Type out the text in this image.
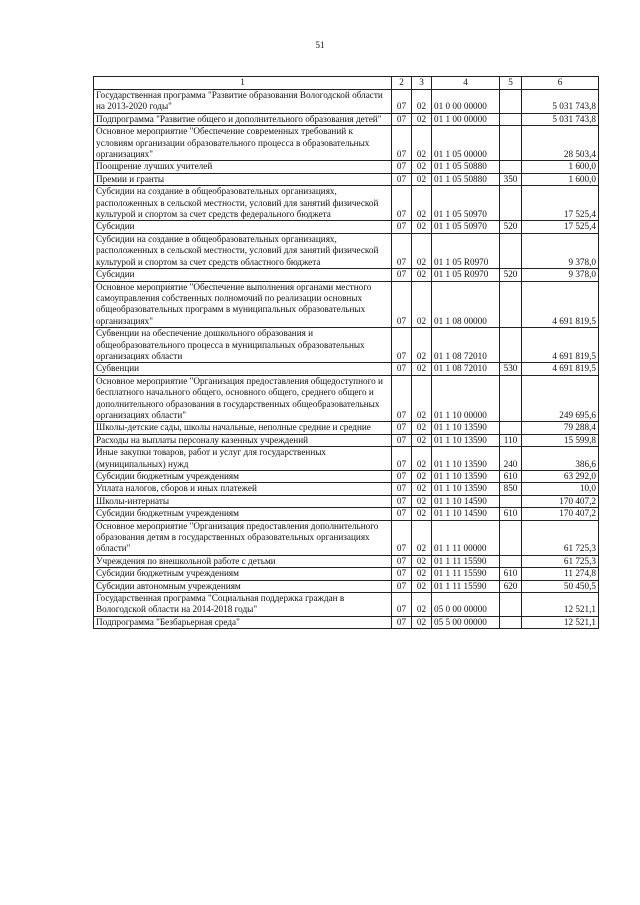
51
1	2	3	4	5	6
Государственная программа "Развитие образования Вологодской области на 2013-2020 годы"	07	02	01 0 00 00000		5 031 743,8
Подпрограмма "Развитие общего и дополнительного образования детей"	07	02	01 1 00 00000		5 031 743,8
Основное мероприятие "Обеспечение современных требований к условиям организации образовательного процесса в образовательных организациях"	07	02	01 1 05 00000		28 503,4
Поощрение лучших учителей	07	02	01 1 05 50880		1 600,0
Премии и гранты	07	02	01 1 05 50880	350	1 600,0
Субсидии на создание в общеобразовательных организациях, расположенных в сельской местности, условий для занятий физической культурой и спортом за счет средств федерального бюджета	07	02	01 1 05 50970		17 525,4
Субсидии	07	02	01 1 05 50970	520	17 525,4
Субсидии на создание в общеобразовательных организациях, расположенных в сельской местности, условий для занятий физической культурой и спортом за счет средств областного бюджета	07	02	01 1 05 R0970		9 378,0
Субсидии	07	02	01 1 05 R0970	520	9 378,0
Основное мероприятие "Обеспечение выполнения органами местного самоуправления собственных полномочий по реализации основных общеобразовательных программ в муниципальных образовательных организациях"	07	02	01 1 08 00000		4 691 819,5
Субвенции на обеспечение дошкольного образования и общеобразовательного процесса в муниципальных образовательных организациях области	07	02	01 1 08 72010		4 691 819,5
Субвенции	07	02	01 1 08 72010	530	4 691 819,5
Основное мероприятие "Организация предоставления общедоступного и бесплатного начального общего, основного общего, среднего общего и дополнительного образования в государственных общеобразовательных организациях области"	07	02	01 1 10 00000		249 695,6
Школы-детские сады, школы начальные, неполные средние и средние	07	02	01 1 10 13590		79 288,4
Расходы на выплаты персоналу казенных учреждений	07	02	01 1 10 13590	110	15 599,8
Иные закупки товаров, работ и услуг для государственных (муниципальных) нужд	07	02	01 1 10 13590	240	386,6
Субсидии бюджетным учреждениям	07	02	01 1 10 13590	610	63 292,0
Уплата налогов, сборов и иных платежей	07	02	01 1 10 13590	850	10,0
Школы-интернаты	07	02	01 1 10 14590		170 407,2
Субсидии бюджетным учреждениям	07	02	01 1 10 14590	610	170 407,2
Основное мероприятие "Организация предоставления дополнительного образования детям в государственных образовательных организациях области"	07	02	01 1 11 00000		61 725,3
Учреждения по внешкольной работе с детьми	07	02	01 1 11 15590		61 725,3
Субсидии бюджетным учреждениям	07	02	01 1 11 15590	610	11 274,8
Субсидии автономным учреждениям	07	02	01 1 11 15590	620	50 450,5
Государственная программа "Социальная поддержка граждан в Вологодской области на 2014-2018 годы"	07	02	05 0 00 00000		12 521,1
Подпрограмма "Безбарьерная среда"	07	02	05 5 00 00000		12 521,1
